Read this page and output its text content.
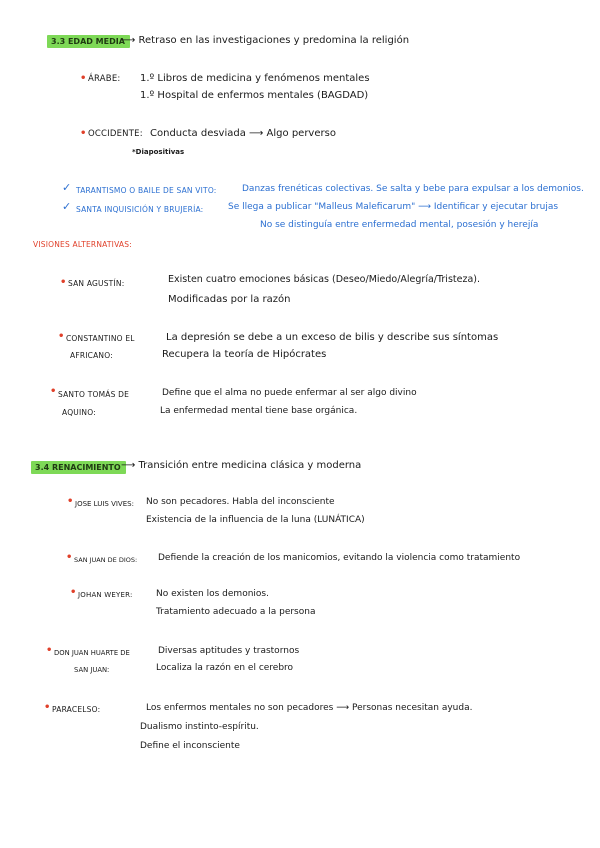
3.3 EDAD MEDIA
⟶ Retraso en las investigaciones y predomina la religión
• ÁRABE: 1.º Libros de medicina y fenómenos mentales
1.º Hospital de enfermos mentales (BAGDAD)
• OCCIDENTE: Conducta desviada ⟶ Algo perverso
*Diapositivas
✓ TARANTISMO O BAILE DE SAN VITO:	Danzas frenéticas colectivas. Se salta y bebe para expulsar a los demonios.
✓ SANTA INQUISICIÓN Y BRUJERÍA:	Se llega a publicar "Malleus Maleficarum" ⟶ Identificar y ejecutar brujas
No se distinguía entre enfermedad mental, posesión y herejía
VISIONES ALTERNATIVAS:
• SAN AGUSTÍN:	Existen cuatro emociones básicas (Deseo/Miedo/Alegría/Tristeza).
Modificadas por la razón
• CONSTANTINO EL
AFRICANO:
La depresión se debe a un exceso de bilis y describe sus síntomas
Recupera la teoría de Hipócrates
• SANTO TOMÁS DE
AQUINO:
Define que el alma no puede enfermar al ser algo divino
La enfermedad mental tiene base orgánica.
3.4 RENACIMIENTO ⟶ Transición entre medicina clásica y moderna
• JOSE LUIS VIVES: No son pecadores. Habla del inconsciente
Existencia de la influencia de la luna (LUNÁTICA)
• SAN JUAN DE DIOS: Defiende la creación de los manicomios, evitando la violencia como tratamiento
• JOHAN WEYER:	No existen los demonios.
Tratamiento adecuado a la persona
• DON JUAN HUARTE DE
SAN JUAN:
Diversas aptitudes y trastornos
Localiza la razón en el cerebro
• PARACELSO:	Los enfermos mentales no son pecadores ⟶ Personas necesitan ayuda.
Dualismo instinto-espíritu.
Define el inconsciente
